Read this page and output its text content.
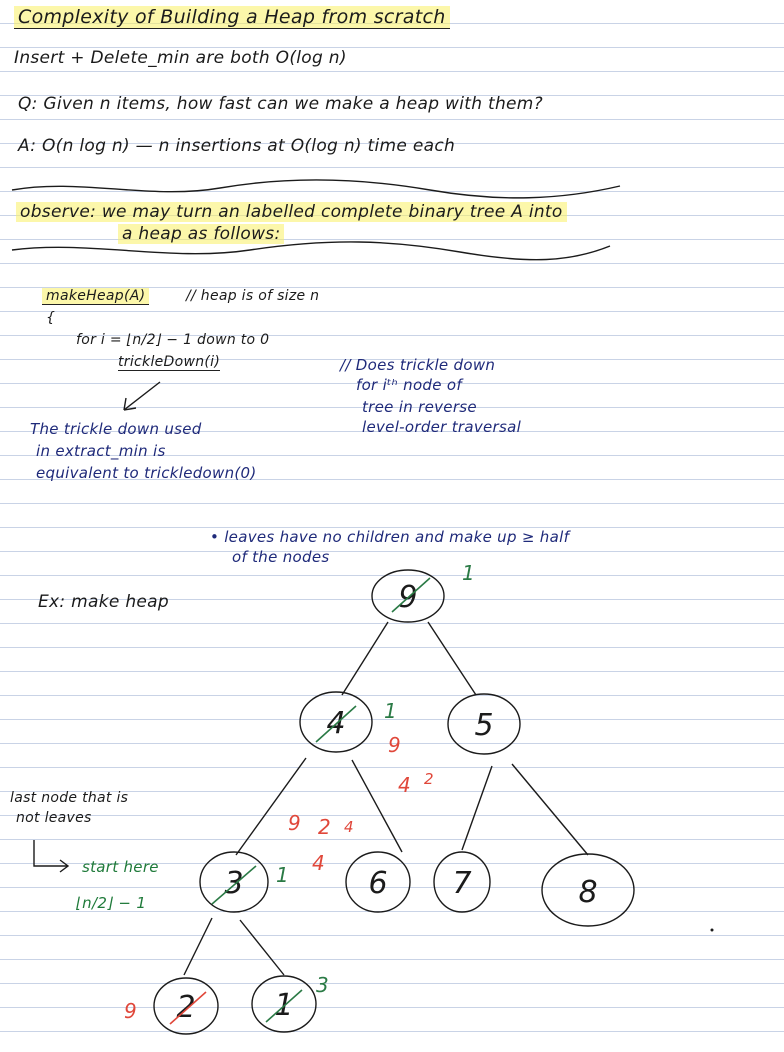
Complexity of Building a Heap from scratch
Insert + Delete_min are both O(log n)
Q: Given n items, how fast can we make a heap with them?
A: O(n log n) — n insertions at O(log n) time each
observe: we may turn an labelled complete binary tree A into
a heap as follows:
makeHeap(A)	// heap is of size n
{
for i = ⌊n/2⌋ − 1 down to 0
trickleDown(i)	// Does trickle down
for iᵗʰ node of
tree in reverse
level-order traversal
The trickle down used
in extract_min is
equivalent to trickledown(0)
• leaves have no children and make up ≥ half
of the nodes
Ex: make heap
last node that is
not leaves
start here
⌊n/2⌋ − 1
9
4	5
3	6 7	8
2	1
1
1
9
4 2
1 4
9 2 4
9
3
